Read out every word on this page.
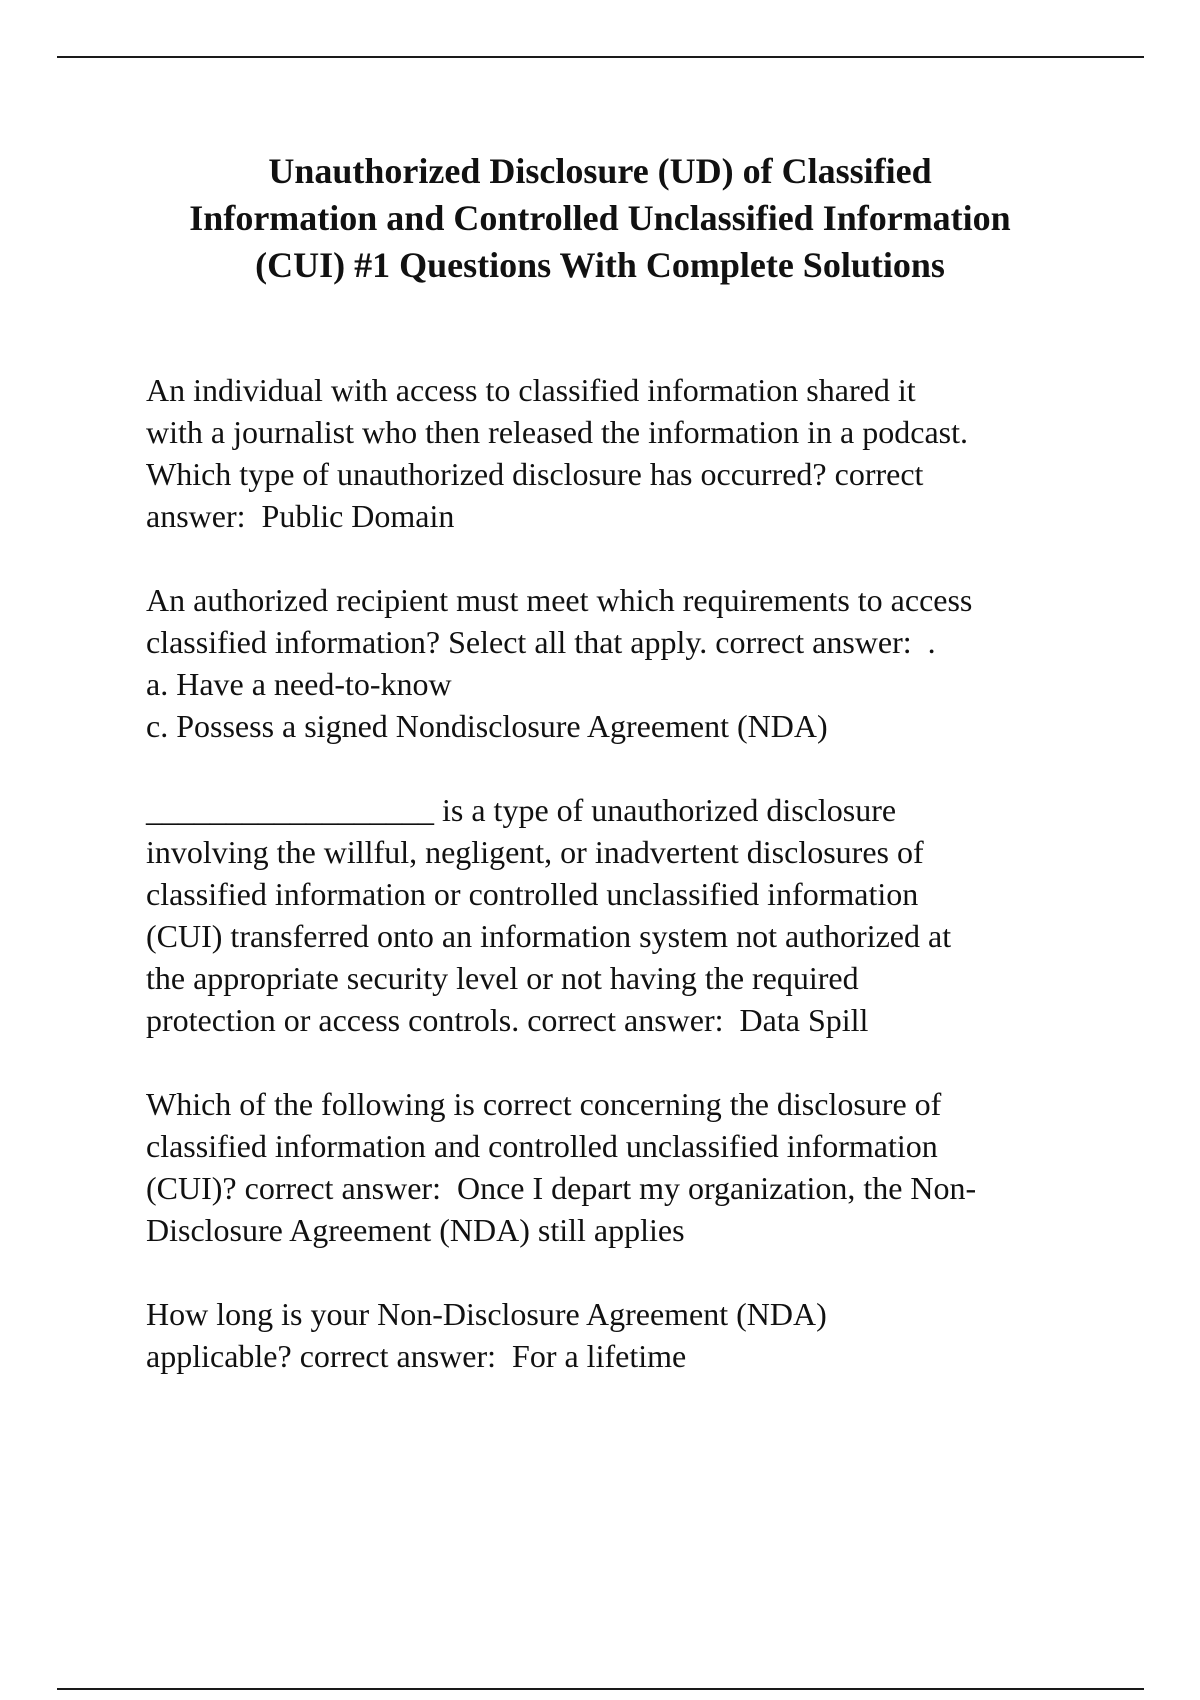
Unauthorized Disclosure (UD) of Classified
Information and Controlled Unclassified Information
(CUI) #1 Questions With Complete Solutions

An individual with access to classified information shared it
with a journalist who then released the information in a podcast.
Which type of unauthorized disclosure has occurred? correct
answer:  Public Domain

An authorized recipient must meet which requirements to access
classified information? Select all that apply. correct answer:  .
a. Have a need-to-know
c. Possess a signed Nondisclosure Agreement (NDA)

__________________ is a type of unauthorized disclosure
involving the willful, negligent, or inadvertent disclosures of
classified information or controlled unclassified information
(CUI) transferred onto an information system not authorized at
the appropriate security level or not having the required
protection or access controls. correct answer:  Data Spill

Which of the following is correct concerning the disclosure of
classified information and controlled unclassified information
(CUI)? correct answer:  Once I depart my organization, the Non-
Disclosure Agreement (NDA) still applies

How long is your Non-Disclosure Agreement (NDA)
applicable? correct answer:  For a lifetime
